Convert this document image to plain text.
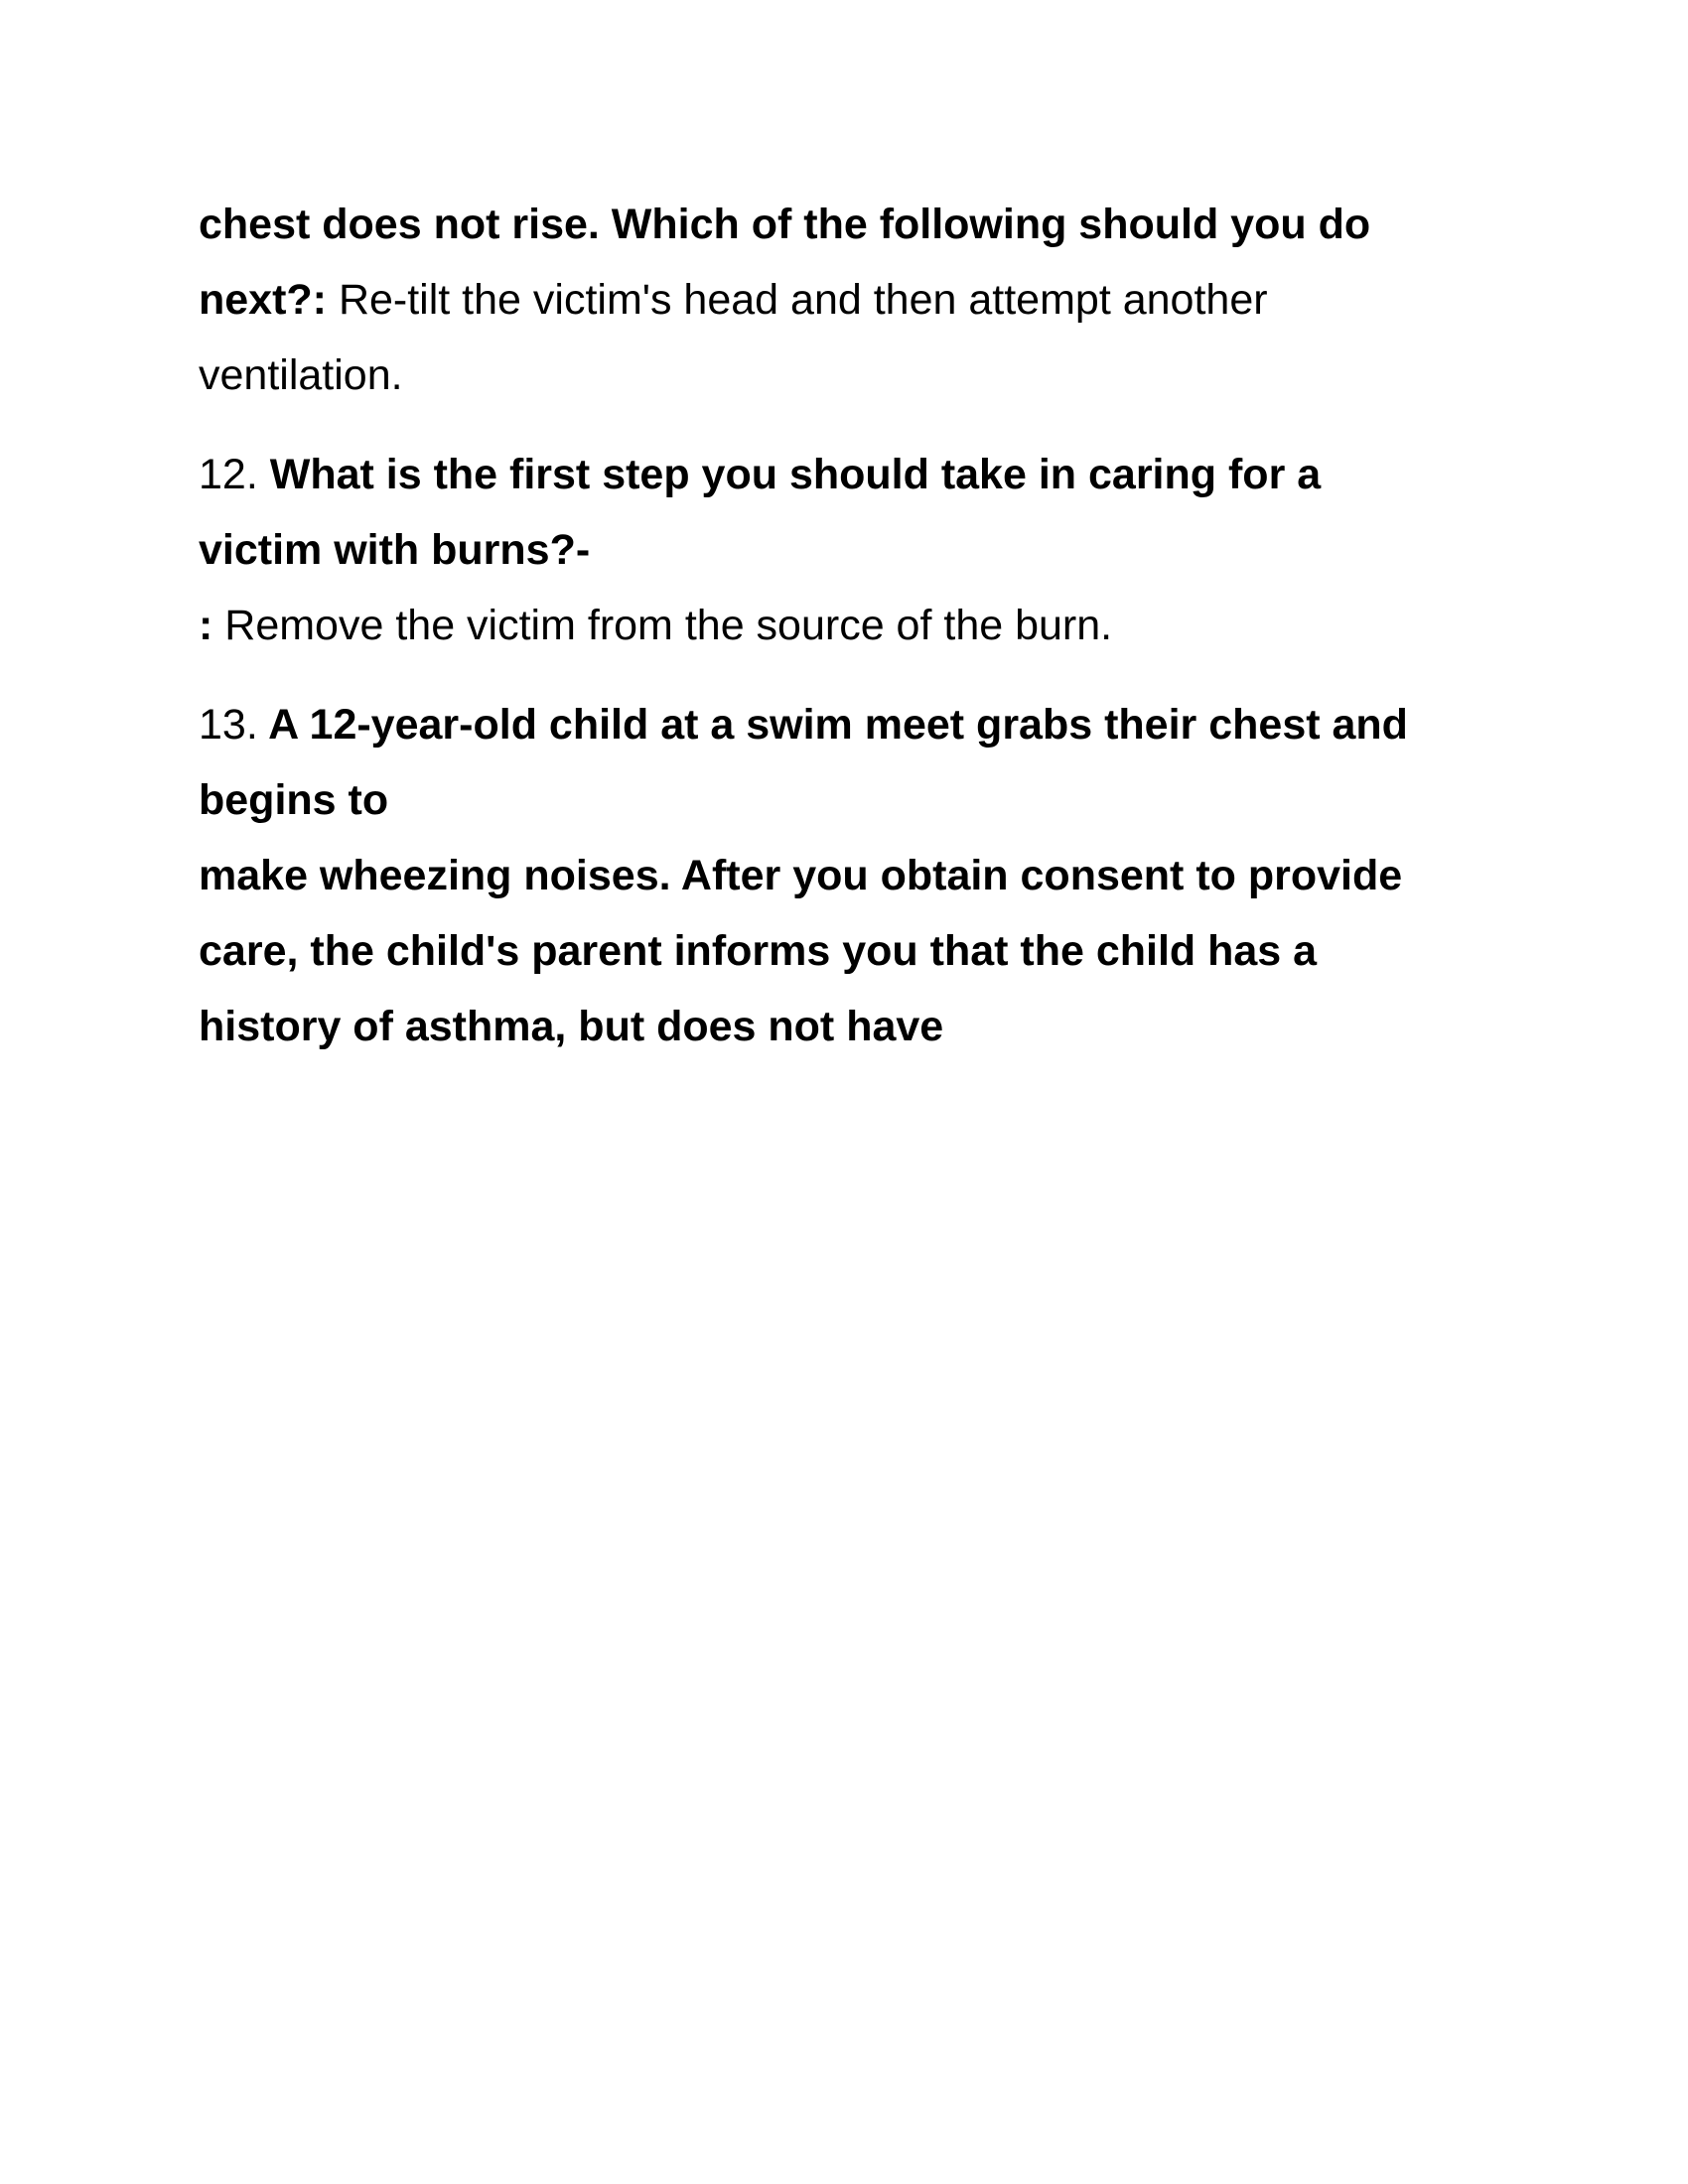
chest does not rise. Which of the following should you do
next?: Re-tilt the victim's head and then attempt another
ventilation.
12. What is the first step you should take in caring for a
victim with burns?-
: Remove the victim from the source of the burn.
13. A 12-year-old child at a swim meet grabs their chest and
begins to
make wheezing noises. After you obtain consent to provide
care, the child's parent informs you that the child has a
history of asthma, but does not have
